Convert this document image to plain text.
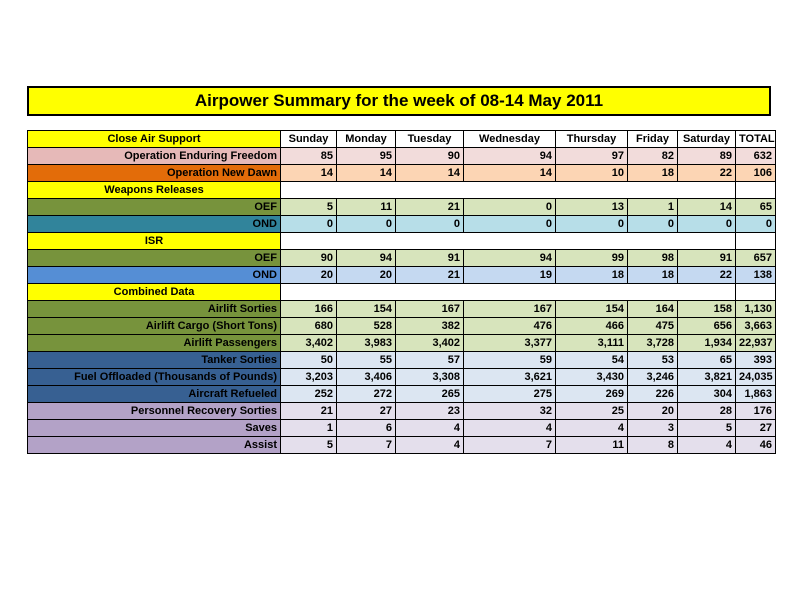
Airpower Summary for the week of 08-14 May 2011
Close Air Support	Sunday	Monday	Tuesday	Wednesday	Thursday	Friday	Saturday	TOTAL
Operation Enduring Freedom	85	95	90	94	97	82	89	632
Operation New Dawn	14	14	14	14	10	18	22	106
Weapons Releases								
OEF	5	11	21	0	13	1	14	65
OND	0	0	0	0	0	0	0	0
ISR								
OEF	90	94	91	94	99	98	91	657
OND	20	20	21	19	18	18	22	138
Combined Data								
Airlift Sorties	166	154	167	167	154	164	158	1,130
Airlift Cargo (Short Tons)	680	528	382	476	466	475	656	3,663
Airlift Passengers	3,402	3,983	3,402	3,377	3,111	3,728	1,934	22,937
Tanker Sorties	50	55	57	59	54	53	65	393
Fuel Offloaded (Thousands of Pounds)	3,203	3,406	3,308	3,621	3,430	3,246	3,821	24,035
Aircraft Refueled	252	272	265	275	269	226	304	1,863
Personnel Recovery Sorties	21	27	23	32	25	20	28	176
Saves	1	6	4	4	4	3	5	27
Assist	5	7	4	7	11	8	4	46
